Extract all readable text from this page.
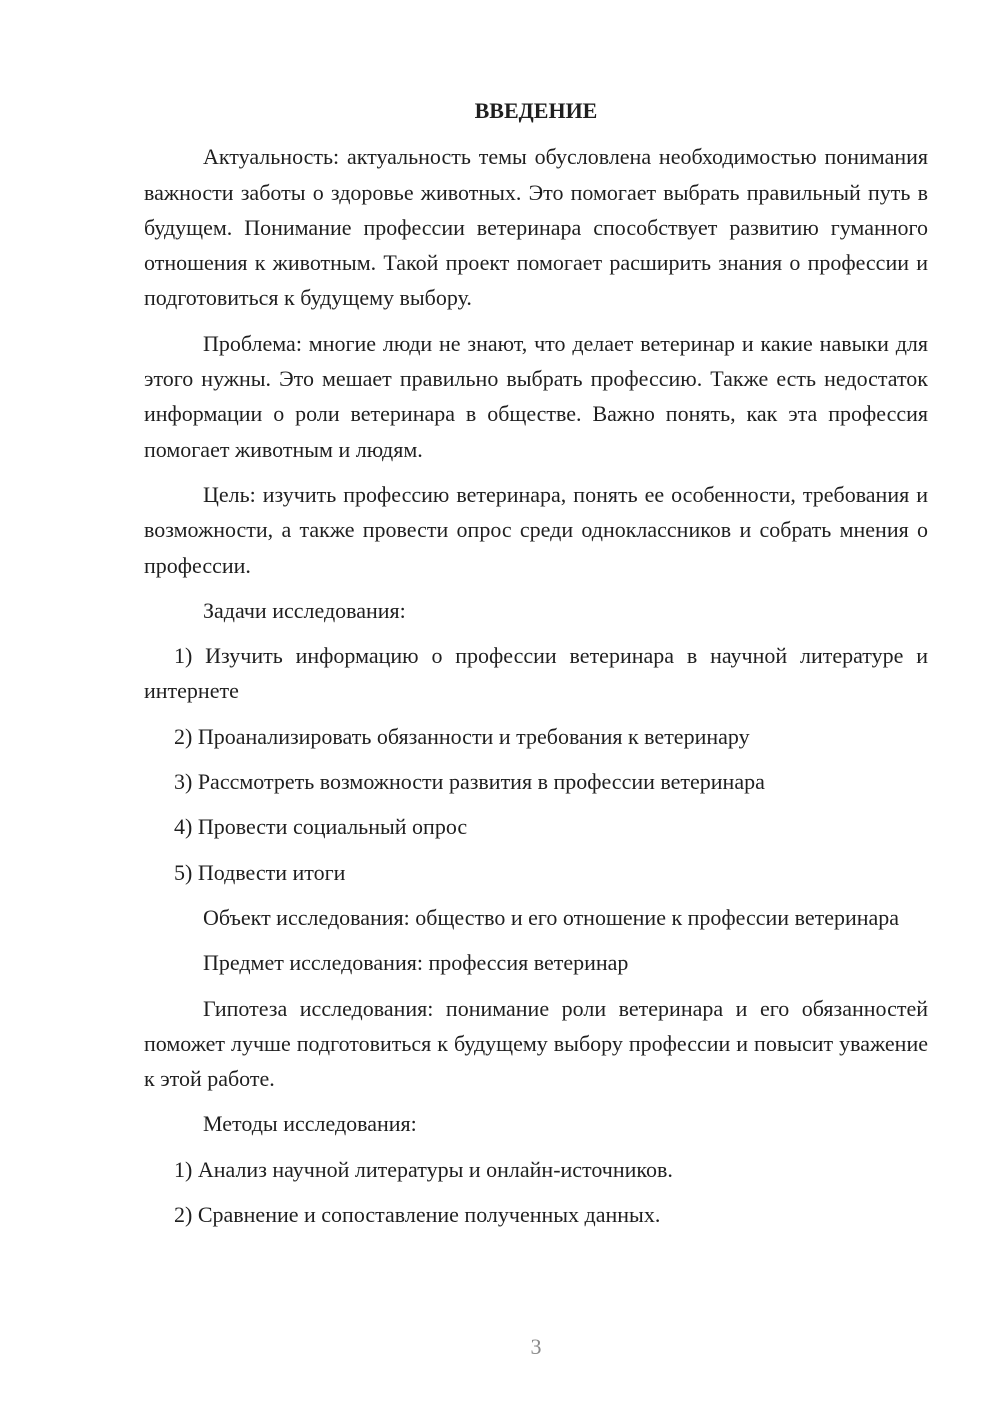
ВВЕДЕНИЕ

Актуальность: актуальность темы обусловлена необходимостью понимания важности заботы о здоровье животных. Это помогает выбрать правильный путь в будущем. Понимание профессии ветеринара способствует развитию гуманного отношения к животным. Такой проект помогает расширить знания о профессии и подготовиться к будущему выбору.

Проблема: многие люди не знают, что делает ветеринар и какие навыки для этого нужны. Это мешает правильно выбрать профессию. Также есть недостаток информации о роли ветеринара в обществе. Важно понять, как эта профессия помогает животным и людям.

Цель: изучить профессию ветеринара, понять ее особенности, требования и возможности, а также провести опрос среди одноклассников и собрать мнения о профессии.

Задачи исследования:

1) Изучить информацию о профессии ветеринара в научной литературе и интернете

2) Проанализировать обязанности и требования к ветеринару

3) Рассмотреть возможности развития в профессии ветеринара

4) Провести социальный опрос

5) Подвести итоги

Объект исследования: общество и его отношение к профессии ветеринара

Предмет исследования: профессия ветеринар

Гипотеза исследования: понимание роли ветеринара и его обязанностей поможет лучше подготовиться к будущему выбору профессии и повысит уважение к этой работе.

Методы исследования:

1) Анализ научной литературы и онлайн-источников.

2) Сравнение и сопоставление полученных данных.

3
